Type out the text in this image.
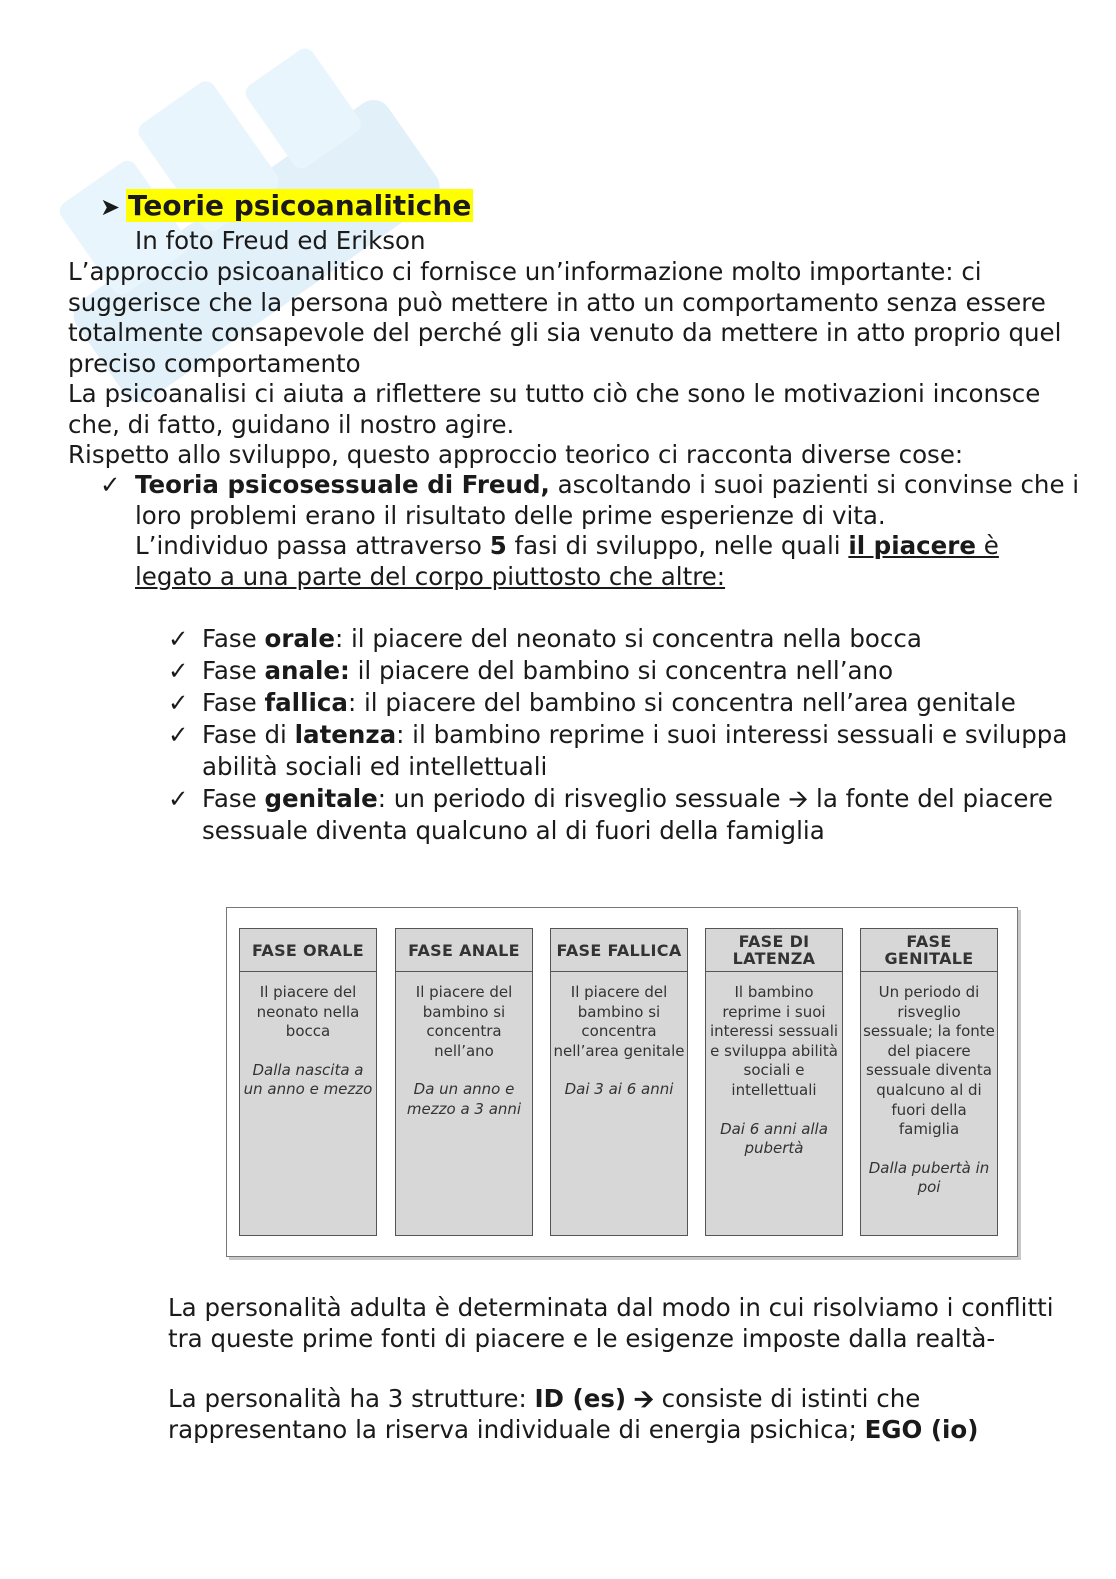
➤ Teorie psicoanalitiche
In foto Freud ed Erikson
L’approccio psicoanalitico ci fornisce un’informazione molto importante: ci suggerisce che la persona può mettere in atto un comportamento senza essere totalmente consapevole del perché gli sia venuto da mettere in atto proprio quel preciso comportamento
La psicoanalisi ci aiuta a riflettere su tutto ciò che sono le motivazioni inconsce che, di fatto, guidano il nostro agire.
Rispetto allo sviluppo, questo approccio teorico ci racconta diverse cose:
✓ Teoria psicosessuale di Freud, ascoltando i suoi pazienti si convinse che i loro problemi erano il risultato delle prime esperienze di vita.
L’individuo passa attraverso 5 fasi di sviluppo, nelle quali il piacere è legato a una parte del corpo piuttosto che altre:
✓ Fase orale: il piacere del neonato si concentra nella bocca
✓ Fase anale: il piacere del bambino si concentra nell’ano
✓ Fase fallica: il piacere del bambino si concentra nell’area genitale
✓ Fase di latenza: il bambino reprime i suoi interessi sessuali e sviluppa abilità sociali ed intellettuali
✓ Fase genitale: un periodo di risveglio sessuale 🡪 la fonte del piacere sessuale diventa qualcuno al di fuori della famiglia
FASE ORALE
Il piacere del neonato nella bocca
Dalla nascita a un anno e mezzo
FASE ANALE
Il piacere del bambino si concentra nell’ano
Da un anno e mezzo a 3 anni
FASE FALLICA
Il piacere del bambino si concentra nell’area genitale
Dai 3 ai 6 anni
FASE DI LATENZA
Il bambino reprime i suoi interessi sessuali e sviluppa abilità sociali e intellettuali
Dai 6 anni alla pubertà
FASE GENITALE
Un periodo di risveglio sessuale; la fonte del piacere sessuale diventa qualcuno al di fuori della famiglia
Dalla pubertà in poi
La personalità adulta è determinata dal modo in cui risolviamo i conflitti tra queste prime fonti di piacere e le esigenze imposte dalla realtà-
La personalità ha 3 strutture: ID (es) 🡪 consiste di istinti che rappresentano la riserva individuale di energia psichica; EGO (io)
